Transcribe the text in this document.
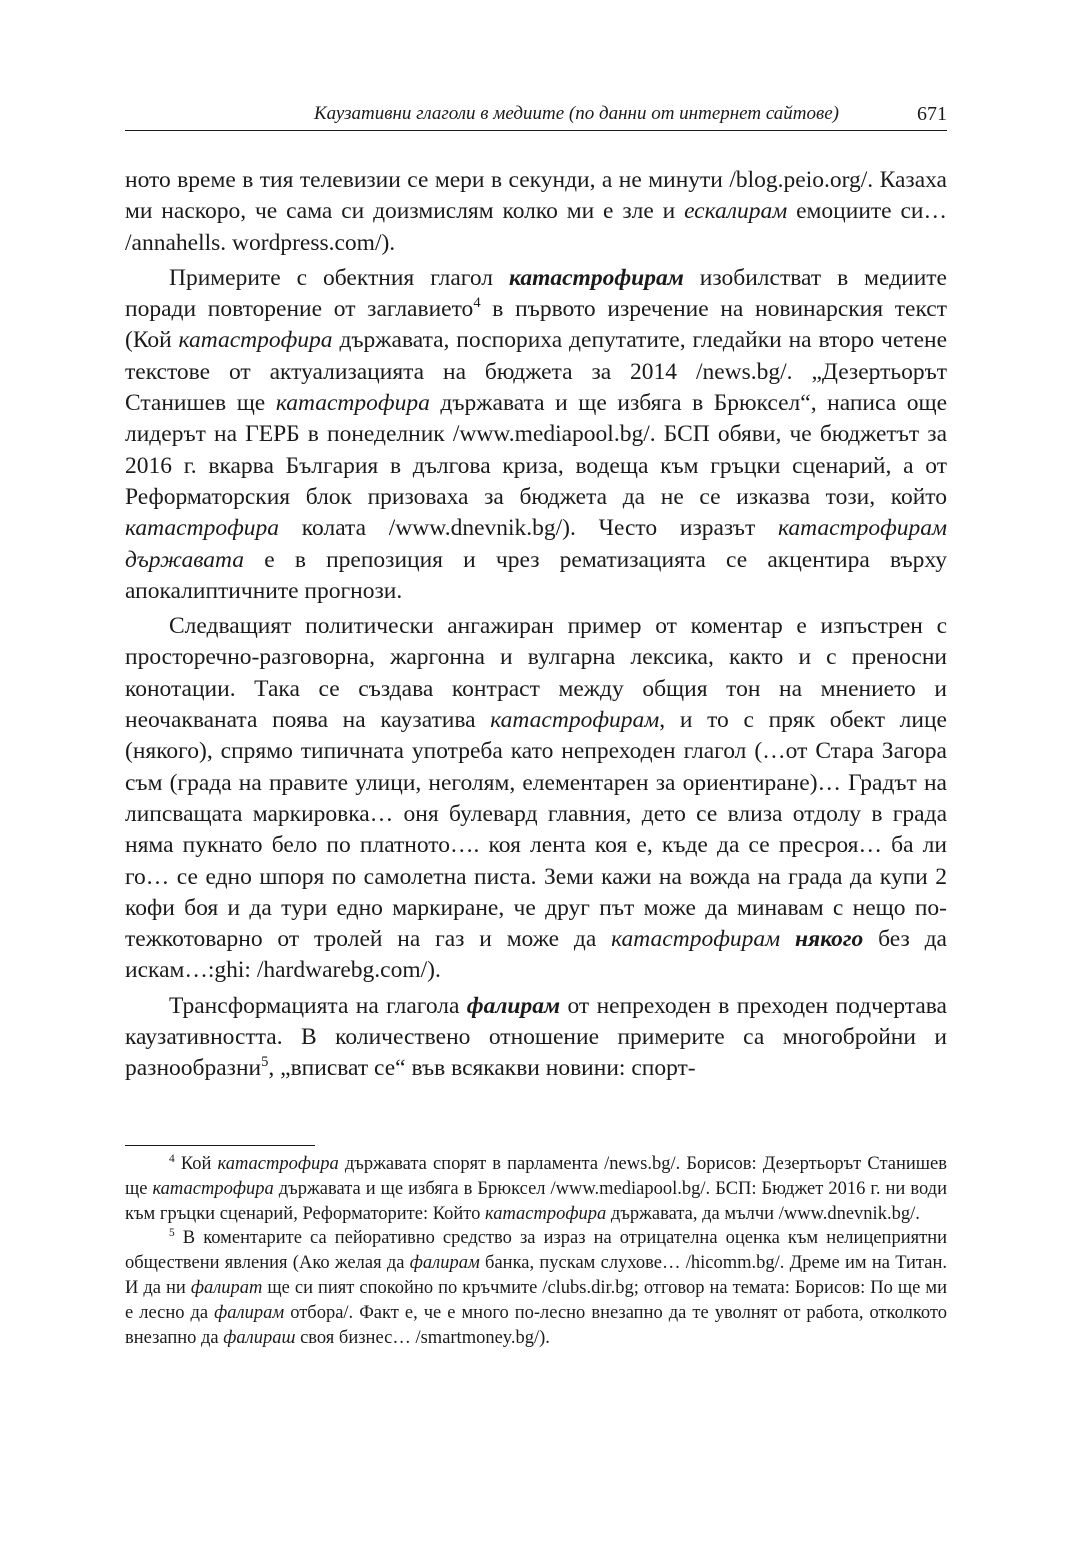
Каузативни глаголи в медиите (по данни от интернет сайтове)	671

ното време в тия телевизии се мери в секунди, а не минути /blog.peio.org/. Казаха ми наскоро, че сама си доизмислям колко ми е зле и ескалирам емоциите си… /annahells. wordpress.com/).

Примерите с обектния глагол катастрофирам изобилстват в медиите поради повторение от заглавието$^4$ в първото изречение на новинарския текст (Кой катастрофира държавата, поспориха депутатите, гледайки на второ четене текстове от актуализацията на бюджета за 2014 /news.bg/. „Дезертьорът Станишев ще катастрофира държавата и ще избяга в Брюксел“, написа още лидерът на ГЕРБ в понеделник /www.mediapool.bg/. БСП обяви, че бюджетът за 2016 г. вкарва България в дългова криза, водеща към гръцки сценарий, а от Реформаторския блок призоваха за бюджета да не се изказва този, който катастрофира колата /www.dnevnik.bg/). Често изразът катастрофирам държавата е в препозиция и чрез рематизацията се акцентира върху апокалиптичните прогнози.

Следващият политически ангажиран пример от коментар е изпъстрен с просторечно-разговорна, жаргонна и вулгарна лексика, както и с преносни конотации. Така се създава контраст между общия тон на мнението и неочакваната поява на каузатива катастрофирам, и то с пряк обект лице (някого), спрямо типичната употреба като непреходен глагол (…от Стара Загора съм (града на правите улици, неголям, елементарен за ориентиране)… Градът на липсващата маркировка… оня булевард главния, дето се влиза отдолу в града няма пукнато бело по платното…. коя лента коя е, къде да се пресроя… ба ли го… се едно шпоря по самолетна писта. Земи кажи на вожда на града да купи 2 кофи боя и да тури едно маркиране, че друг път може да минавам с нещо по-тежкотоварно от тролей на газ и може да катастрофирам някого без да искам…:ghi: /hardwarebg.com/).

Трансформацията на глагола фалирам от непреходен в преходен подчертава каузативността. В количествено отношение примерите са многобройни и разнообразни$^5$, „вписват се“ във всякакви новини: спорт-

$^4$ Кой катастрофира държавата спорят в парламента /news.bg/. Борисов: Дезертьорът Станишев ще катастрофира държавата и ще избяга в Брюксел /www.mediapool.bg/. БСП: Бюджет 2016 г. ни води към гръцки сценарий, Реформаторите: Който катастрофира държавата, да мълчи /www.dnevnik.bg/.

$^5$ В коментарите са пейоративно средство за израз на отрицателна оценка към нелицеприятни обществени явления (Ако желая да фалирам банка, пускам слухове… /hicomm.bg/. Дреме им на Титан. И да ни фалират ще си пият спокойно по кръчмите /clubs.dir.bg; отговор на темата: Борисов: По ще ми е лесно да фалирам отбора/. Факт е, че е много по-лесно внезапно да те уволнят от работа, отколкото внезапно да фалираш своя бизнес… /smartmoney.bg/).
